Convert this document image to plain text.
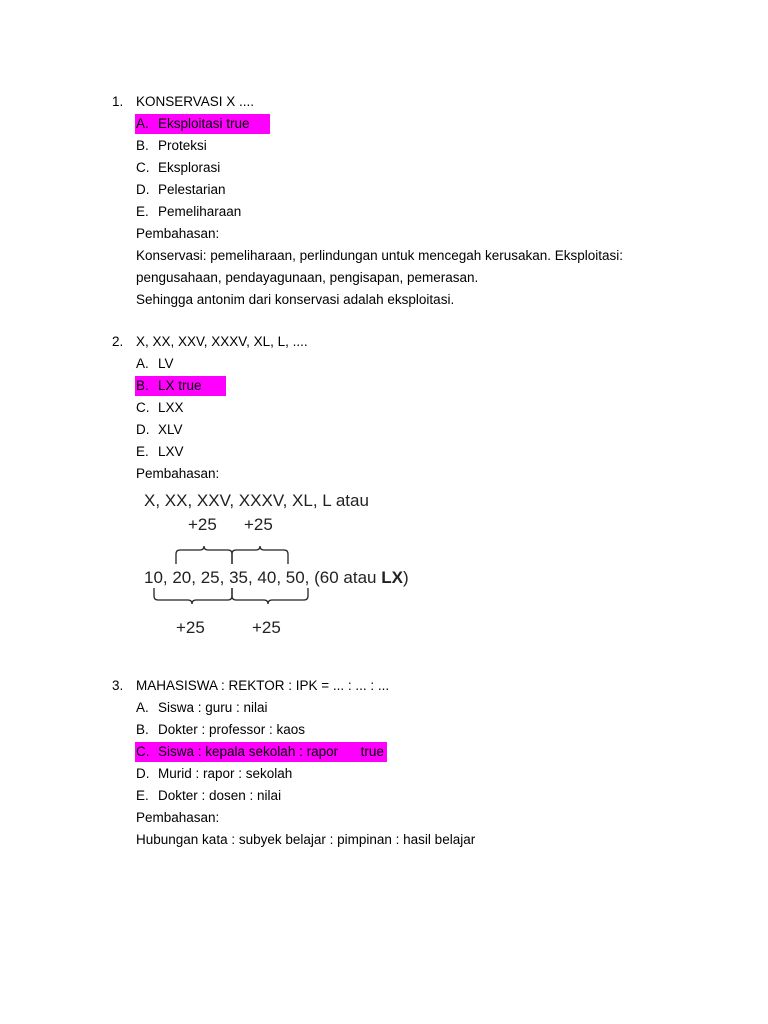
1. KONSERVASI X ....
A. Eksploitasi true
B. Proteksi
C. Eksplorasi
D. Pelestarian
E. Pemeliharaan
Pembahasan:
Konservasi: pemeliharaan, perlindungan untuk mencegah kerusakan. Eksploitasi:
pengusahaan, pendayagunaan, pengisapan, pemerasan.
Sehingga antonim dari konservasi adalah eksploitasi.
2. X, XX, XXV, XXXV, XL, L, ....
A. LV
B. LX true
C. LXX
D. XLV
E. LXV
Pembahasan:
X, XX, XXV, XXXV, XL, L atau
+25 +25
10, 20, 25, 35, 40, 50, (60 atau LX)
+25	+25
3. MAHASISWA : REKTOR : IPK = ... : ... : ...
A. Siswa : guru : nilai
B. Dokter : professor : kaos
C. Siswa : kepala sekolah : rapor      true
D. Murid : rapor : sekolah
E. Dokter : dosen : nilai
Pembahasan:
Hubungan kata : subyek belajar : pimpinan : hasil belajar
